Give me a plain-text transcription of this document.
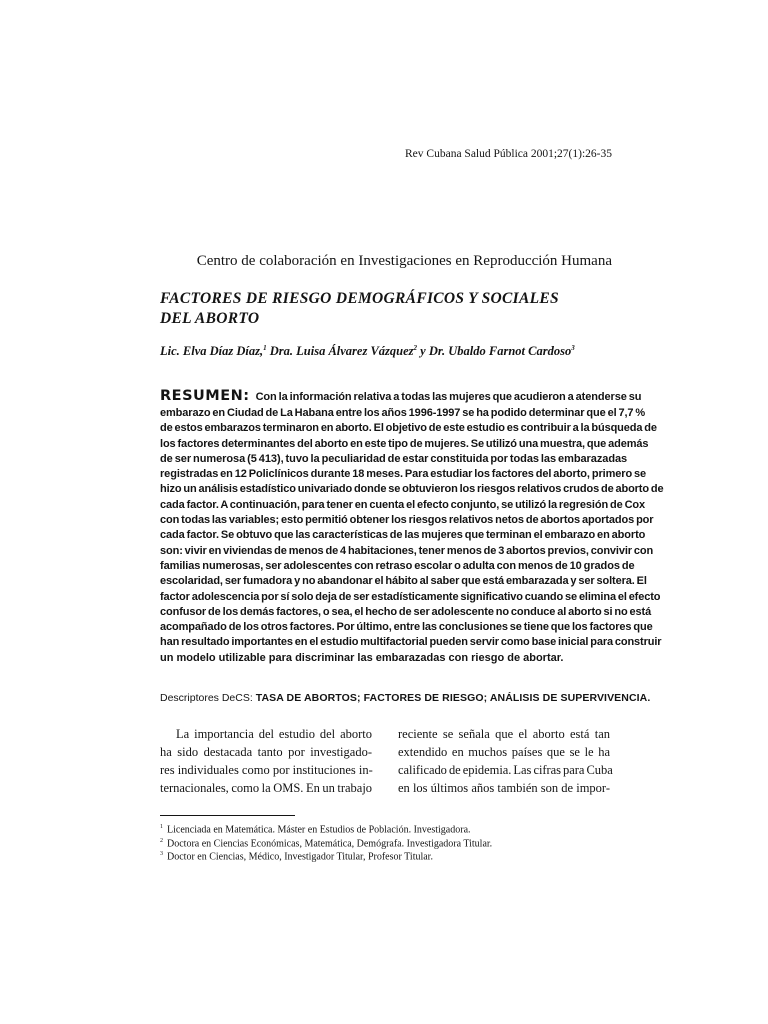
Rev Cubana Salud Pública 2001;27(1):26-35
Centro de colaboración en Investigaciones en Reproducción Humana
FACTORES DE RIESGO DEMOGRÁFICOS Y SOCIALES
DEL ABORTO
Lic. Elva Díaz Díaz,$^1$ Dra. Luisa Álvarez Vázquez$^2$ y Dr. Ubaldo Farnot Cardoso$^3$
RESUMEN: Con la información relativa a todas las mujeres que acudieron a atenderse su
embarazo en Ciudad de La Habana entre los años 1996-1997 se ha podido determinar que el 7,7 %
de estos embarazos terminaron en aborto. El objetivo de este estudio es contribuir a la búsqueda de
los factores determinantes del aborto en este tipo de mujeres. Se utilizó una muestra, que además
de ser numerosa (5 413), tuvo la peculiaridad de estar constituida por todas las embarazadas
registradas en 12 Policlínicos durante 18 meses. Para estudiar los factores del aborto, primero se
hizo un análisis estadístico univariado donde se obtuvieron los riesgos relativos crudos de aborto de
cada factor. A continuación, para tener en cuenta el efecto conjunto, se utilizó la regresión de Cox
con todas las variables; esto permitió obtener los riesgos relativos netos de abortos aportados por
cada factor. Se obtuvo que las características de las mujeres que terminan el embarazo en aborto
son: vivir en viviendas de menos de 4 habitaciones, tener menos de 3 abortos previos, convivir con
familias numerosas, ser adolescentes con retraso escolar o adulta con menos de 10 grados de
escolaridad, ser fumadora y no abandonar el hábito al saber que está embarazada y ser soltera. El
factor adolescencia por sí solo deja de ser estadísticamente significativo cuando se elimina el efecto
confusor de los demás factores, o sea, el hecho de ser adolescente no conduce al aborto si no está
acompañado de los otros factores. Por último, entre las conclusiones se tiene que los factores que
han resultado importantes en el estudio multifactorial pueden servir como base inicial para construir
un modelo utilizable para discriminar las embarazadas con riesgo de abortar.
Descriptores DeCS: TASA DE ABORTOS; FACTORES DE RIESGO; ANÁLISIS DE SUPERVIVENCIA.
La importancia del estudio del aborto
ha sido destacada tanto por investigado-
res individuales como por instituciones in-
ternacionales, como la OMS. En un trabajo
reciente se señala que el aborto está tan
extendido en muchos países que se le ha
calificado de epidemia. Las cifras para Cuba
en los últimos años también son de impor-
$^1$ Licenciada en Matemática. Máster en Estudios de Población. Investigadora.
$^2$ Doctora en Ciencias Económicas, Matemática, Demógrafa. Investigadora Titular.
$^3$ Doctor en Ciencias, Médico, Investigador Titular, Profesor Titular.
